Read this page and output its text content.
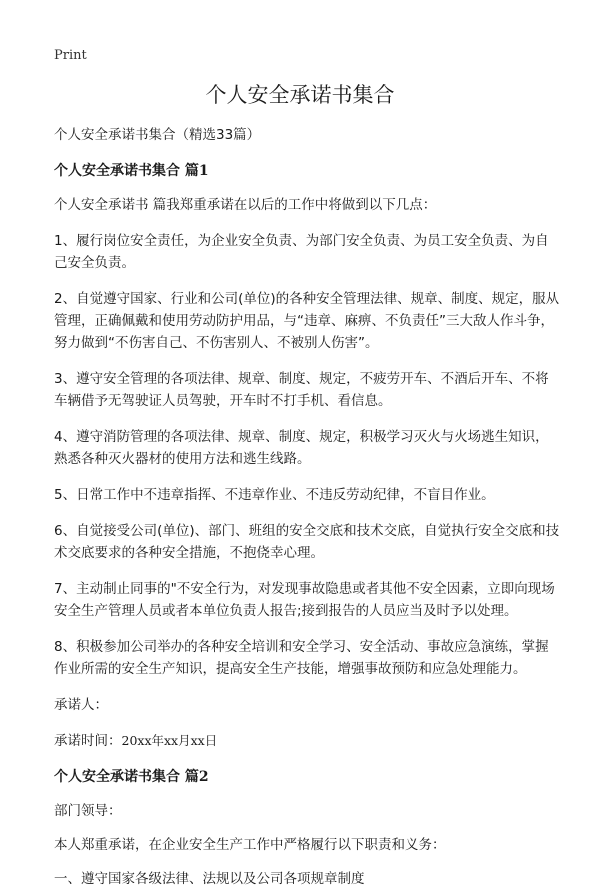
Print
个人安全承诺书集合

个人安全承诺书集合（精选33篇）

个人安全承诺书集合 篇1

个人安全承诺书 篇我郑重承诺在以后的工作中将做到以下几点：

1、履行岗位安全责任，为企业安全负责、为部门安全负责、为员工安全负责、为自己安全负责。

2、自觉遵守国家、行业和公司(单位)的各种安全管理法律、规章、制度、规定，服从管理，正确佩戴和使用劳动防护用品，与“违章、麻痹、不负责任”三大敌人作斗争，努力做到“不伤害自己、不伤害别人、不被别人伤害”。

3、遵守安全管理的各项法律、规章、制度、规定，不疲劳开车、不酒后开车、不将车辆借予无驾驶证人员驾驶，开车时不打手机、看信息。

4、遵守消防管理的各项法律、规章、制度、规定，积极学习灭火与火场逃生知识，熟悉各种灭火器材的使用方法和逃生线路。

5、日常工作中不违章指挥、不违章作业、不违反劳动纪律，不盲目作业。

6、自觉接受公司(单位)、部门、班组的安全交底和技术交底，自觉执行安全交底和技术交底要求的各种安全措施，不抱侥幸心理。

7、主动制止同事的"不安全行为，对发现事故隐患或者其他不安全因素，立即向现场安全生产管理人员或者本单位负责人报告;接到报告的人员应当及时予以处理。

8、积极参加公司举办的各种安全培训和安全学习、安全活动、事故应急演练，掌握作业所需的安全生产知识，提高安全生产技能，增强事故预防和应急处理能力。

承诺人：

承诺时间：20xx年xx月xx日

个人安全承诺书集合 篇2

部门领导：

本人郑重承诺，在企业安全生产工作中严格履行以下职责和义务：

一、遵守国家各级法律、法规以及公司各项规章制度
